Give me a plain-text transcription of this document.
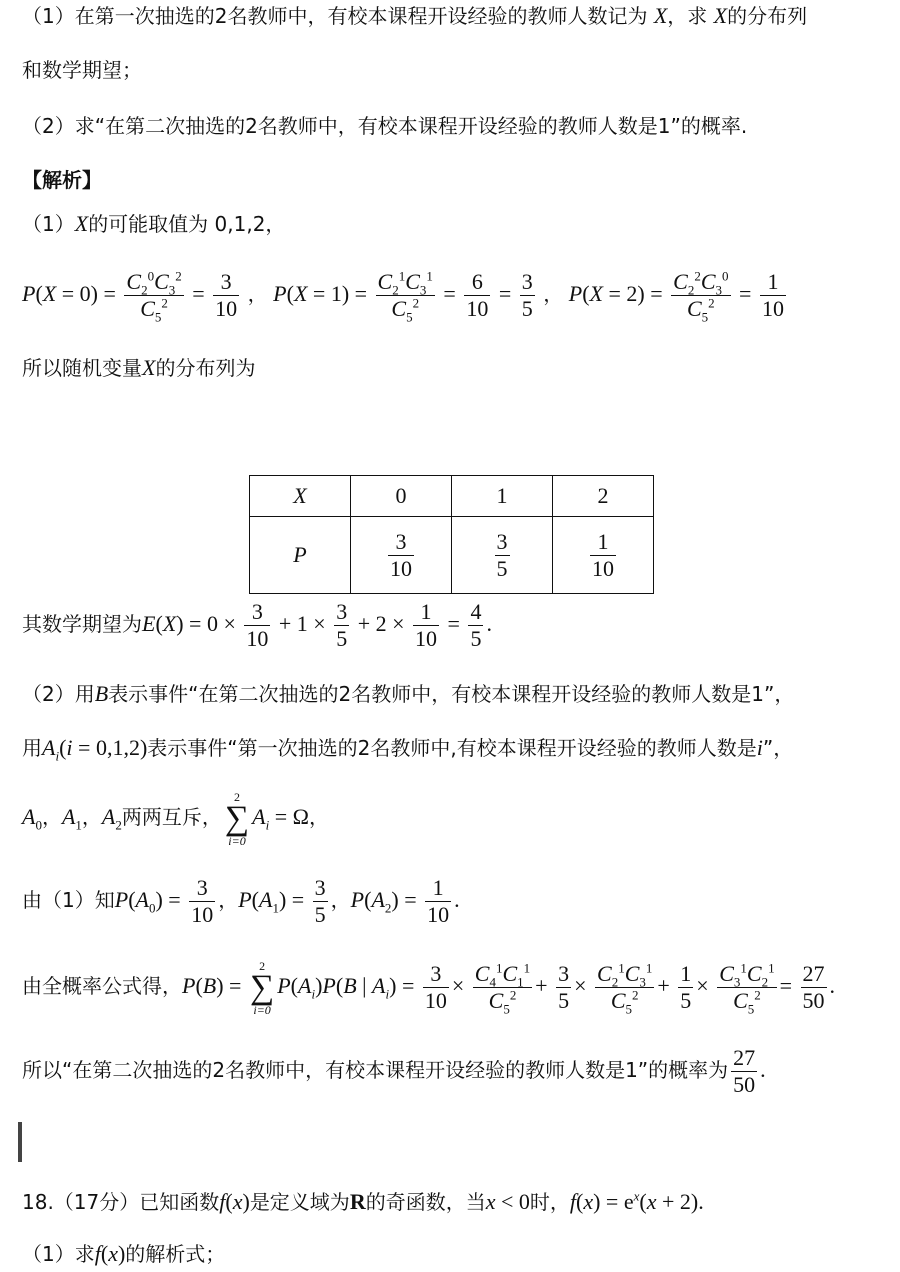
（1）在第一次抽选的2名教师中，有校本课程开设经验的教师人数记为 X，求 X的分布列
和数学期望；
（2）求“在第二次抽选的2名教师中，有校本课程开设经验的教师人数是1”的概率.
【解析】
（1）X的可能取值为 0,1,2，
$P(X = 0) = \frac{C_2^0C_3^2}{C_5^2} = \frac{3}{10}$ ， $P(X = 1) = \frac{C_2^1C_3^1}{C_5^2} = \frac{6}{10} = \frac{3}{5}$ ， $P(X = 2) = \frac{C_2^2C_3^0}{C_5^2} = \frac{1}{10}$
所以随机变量X的分布列为
X	0	1	2
P	$\frac{3}{10}$	$\frac{3}{5}$	$\frac{1}{10}$
其数学期望为$E(X) = 0 \times \frac{3}{10} + 1 \times \frac{3}{5} + 2 \times \frac{1}{10} = \frac{4}{5}$ .
（2）用B表示事件“在第二次抽选的2名教师中，有校本课程开设经验的教师人数是1”，
用$A_i(i = 0,1,2)$表示事件“第一次抽选的2名教师中,有校本课程开设经验的教师人数是i”，
$A_0$，$A_1$，$A_2$两两互斥，
2
∑
i=0
$A_i = \Omega$，
由（1）知$P(A_0) = \frac{3}{10}$ ，$P(A_1) = \frac{3}{5}$ ，$P(A_2) = \frac{1}{10}$ .
由全概率公式得，P(B) =
2
∑
i=0
$P(A_i)P(B$ | $A_i) = \frac{3}{10} \times \frac{C_4^1C_1^1}{C_5^2} + \frac{3}{5} \times \frac{C_2^1C_3^1}{C_5^2} + \frac{1}{5} \times \frac{C_3^1C_2^1}{C_5^2} = \frac{27}{50}$ .
所以“在第二次抽选的2名教师中，有校本课程开设经验的教师人数是1”的概率为 $\frac{27}{50}$ .
18.（17分）已知函数f(x)是定义域为R的奇函数，当x < 0时，$f(x) = e^x(x + 2)$.
（1）求f(x)的解析式；
